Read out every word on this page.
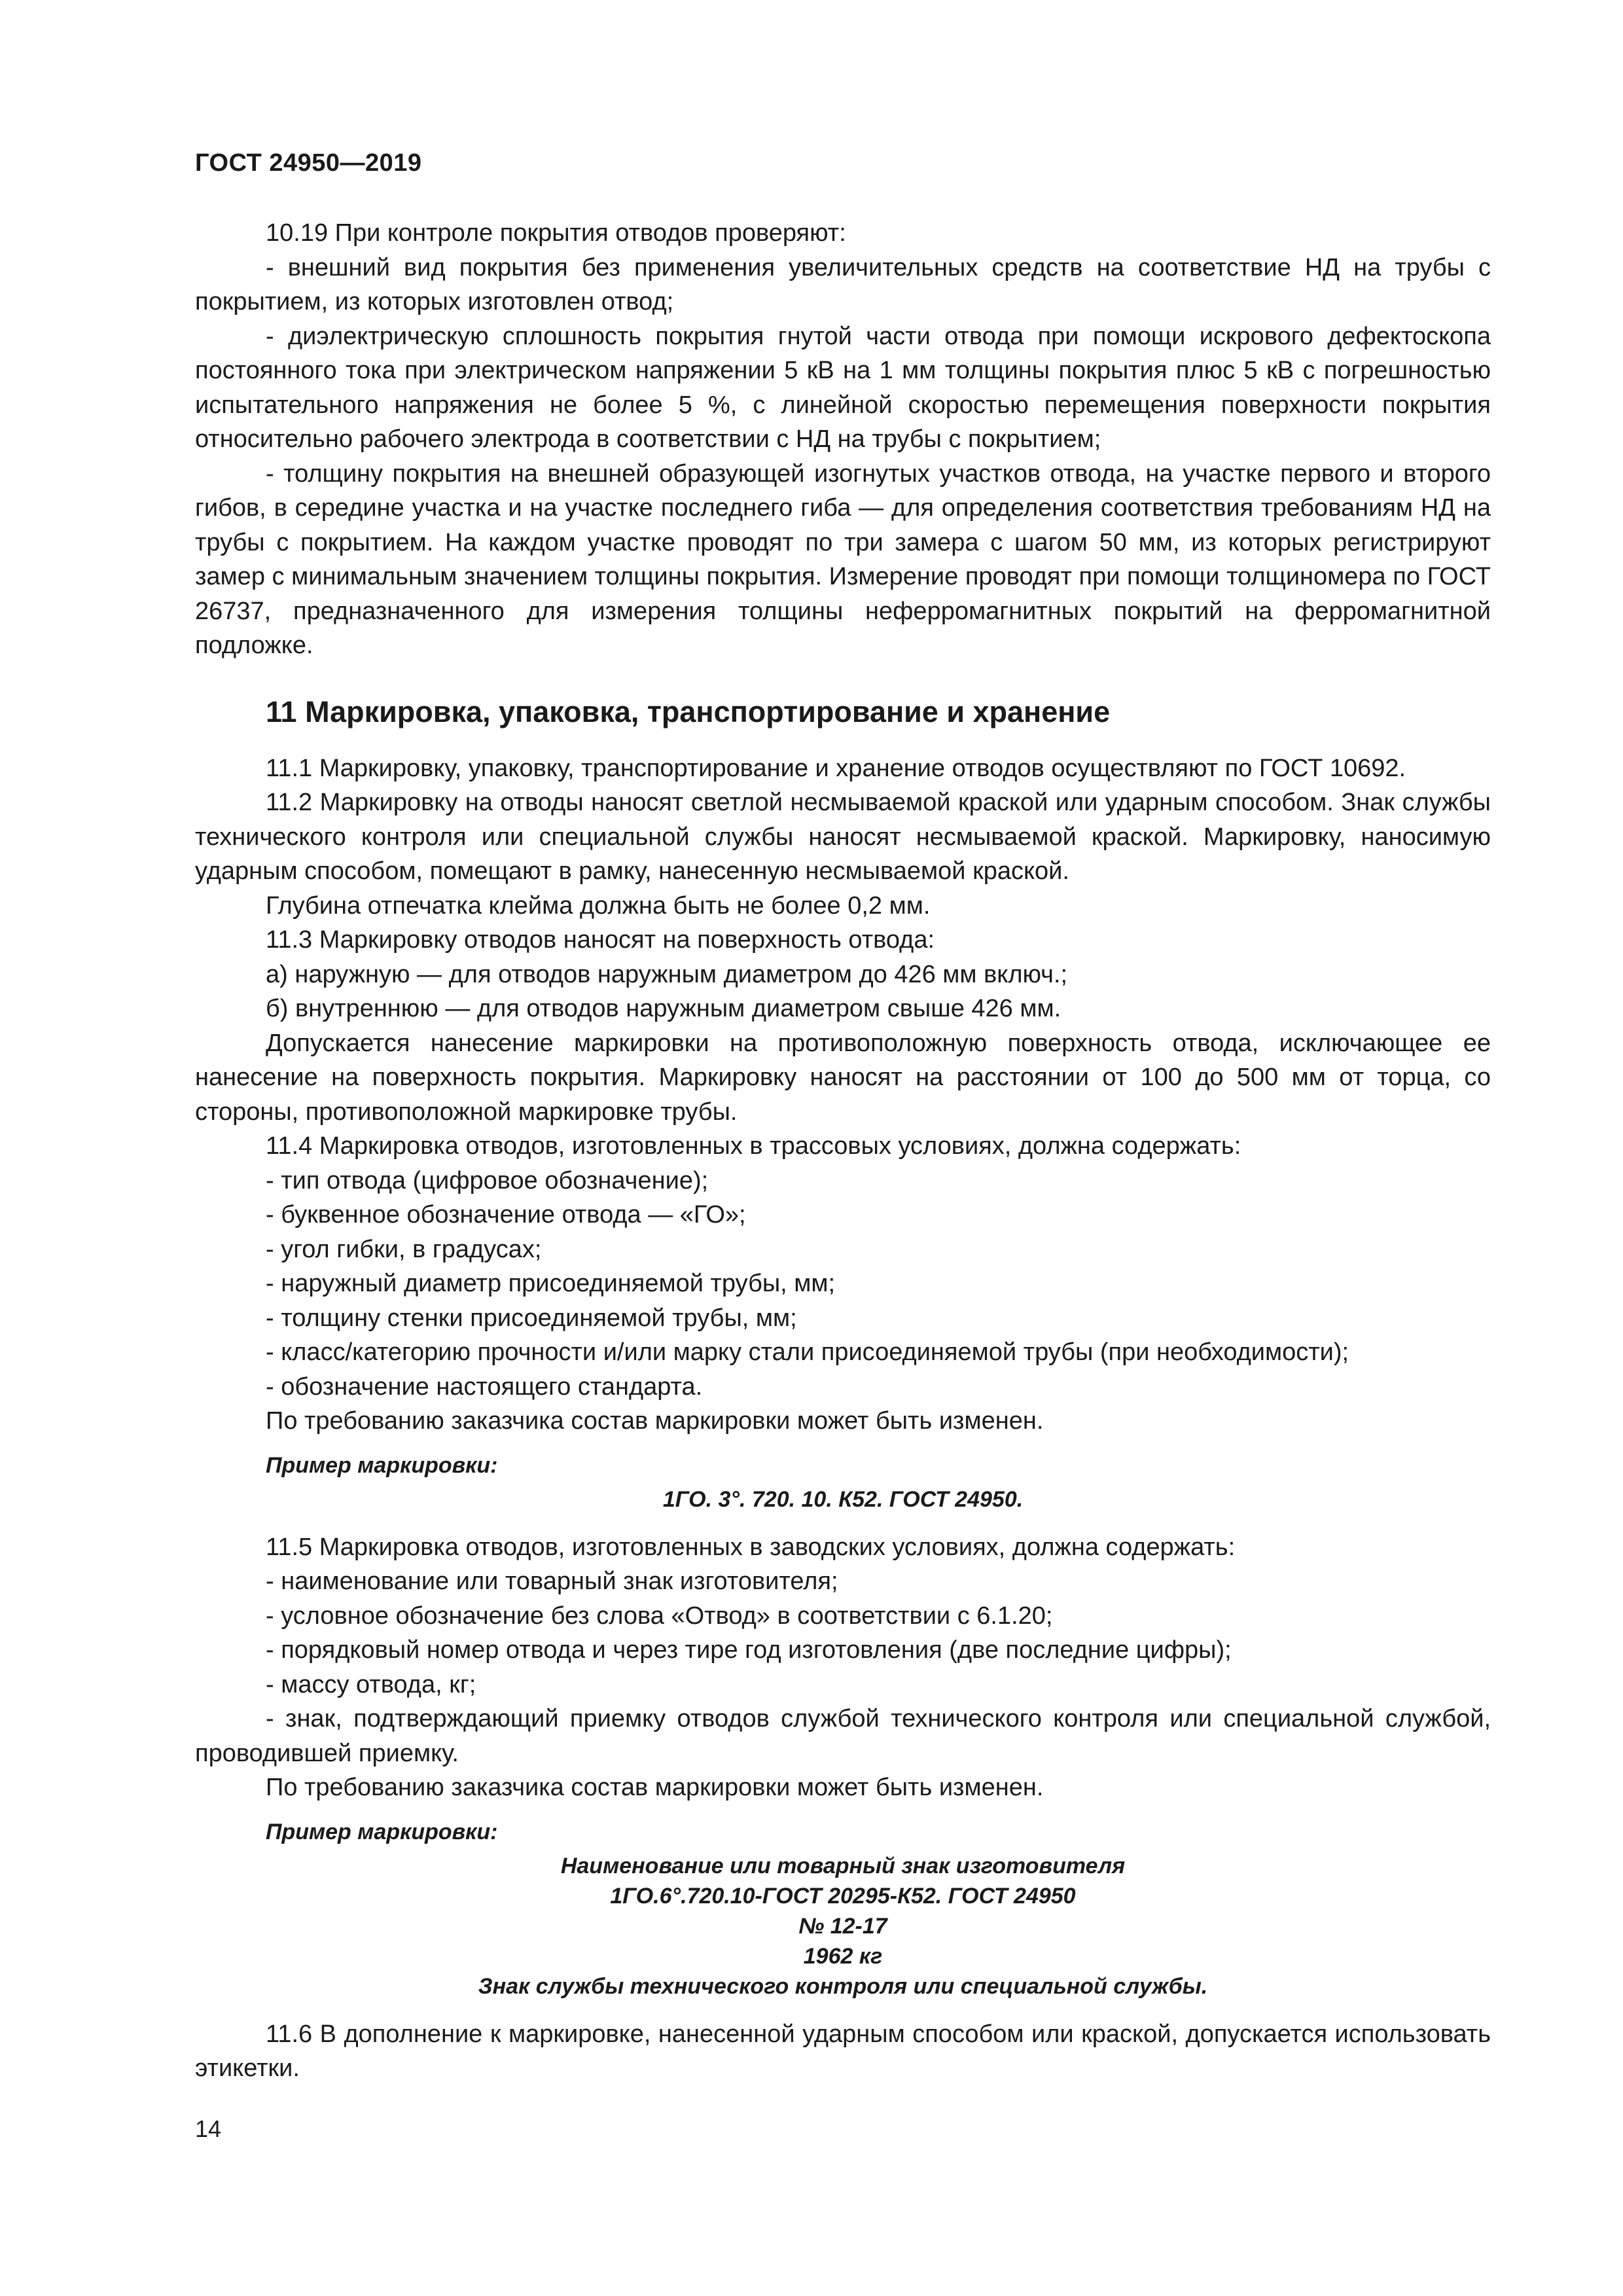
ГОСТ 24950—2019

10.19 При контроле покрытия отводов проверяют:

- внешний вид покрытия без применения увеличительных средств на соответствие НД на трубы с покрытием, из которых изготовлен отвод;

- диэлектрическую сплошность покрытия гнутой части отвода при помощи искрового дефектоскопа постоянного тока при электрическом напряжении 5 кВ на 1 мм толщины покрытия плюс 5 кВ с погрешностью испытательного напряжения не более 5 %, с линейной скоростью перемещения поверхности покрытия относительно рабочего электрода в соответствии с НД на трубы с покрытием;

- толщину покрытия на внешней образующей изогнутых участков отвода, на участке первого и второго гибов, в середине участка и на участке последнего гиба — для определения соответствия требованиям НД на трубы с покрытием. На каждом участке проводят по три замера с шагом 50 мм, из которых регистрируют замер с минимальным значением толщины покрытия. Измерение проводят при помощи толщиномера по ГОСТ 26737, предназначенного для измерения толщины неферромагнитных покрытий на ферромагнитной подложке.

11 Маркировка, упаковка, транспортирование и хранение

11.1 Маркировку, упаковку, транспортирование и хранение отводов осуществляют по ГОСТ 10692.

11.2 Маркировку на отводы наносят светлой несмываемой краской или ударным способом. Знак службы технического контроля или специальной службы наносят несмываемой краской. Маркировку, наносимую ударным способом, помещают в рамку, нанесенную несмываемой краской.

Глубина отпечатка клейма должна быть не более 0,2 мм.

11.3 Маркировку отводов наносят на поверхность отвода:

а) наружную — для отводов наружным диаметром до 426 мм включ.;

б) внутреннюю — для отводов наружным диаметром свыше 426 мм.

Допускается нанесение маркировки на противоположную поверхность отвода, исключающее ее нанесение на поверхность покрытия. Маркировку наносят на расстоянии от 100 до 500 мм от торца, со стороны, противоположной маркировке трубы.

11.4 Маркировка отводов, изготовленных в трассовых условиях, должна содержать:

- тип отвода (цифровое обозначение);

- буквенное обозначение отвода — «ГО»;

- угол гибки, в градусах;

- наружный диаметр присоединяемой трубы, мм;

- толщину стенки присоединяемой трубы, мм;

- класс/категорию прочности и/или марку стали присоединяемой трубы (при необходимости);

- обозначение настоящего стандарта.

По требованию заказчика состав маркировки может быть изменен.

Пример маркировки:

1ГО. 3°. 720. 10. К52. ГОСТ 24950.

11.5 Маркировка отводов, изготовленных в заводских условиях, должна содержать:

- наименование или товарный знак изготовителя;

- условное обозначение без слова «Отвод» в соответствии с 6.1.20;

- порядковый номер отвода и через тире год изготовления (две последние цифры);

- массу отвода, кг;

- знак, подтверждающий приемку отводов службой технического контроля или специальной службой, проводившей приемку.

По требованию заказчика состав маркировки может быть изменен.

Пример маркировки:

Наименование или товарный знак изготовителя

1ГО.6°.720.10-ГОСТ 20295-К52. ГОСТ 24950

№ 12-17

1962 кг

Знак службы технического контроля или специальной службы.

11.6 В дополнение к маркировке, нанесенной ударным способом или краской, допускается использовать этикетки.

14
